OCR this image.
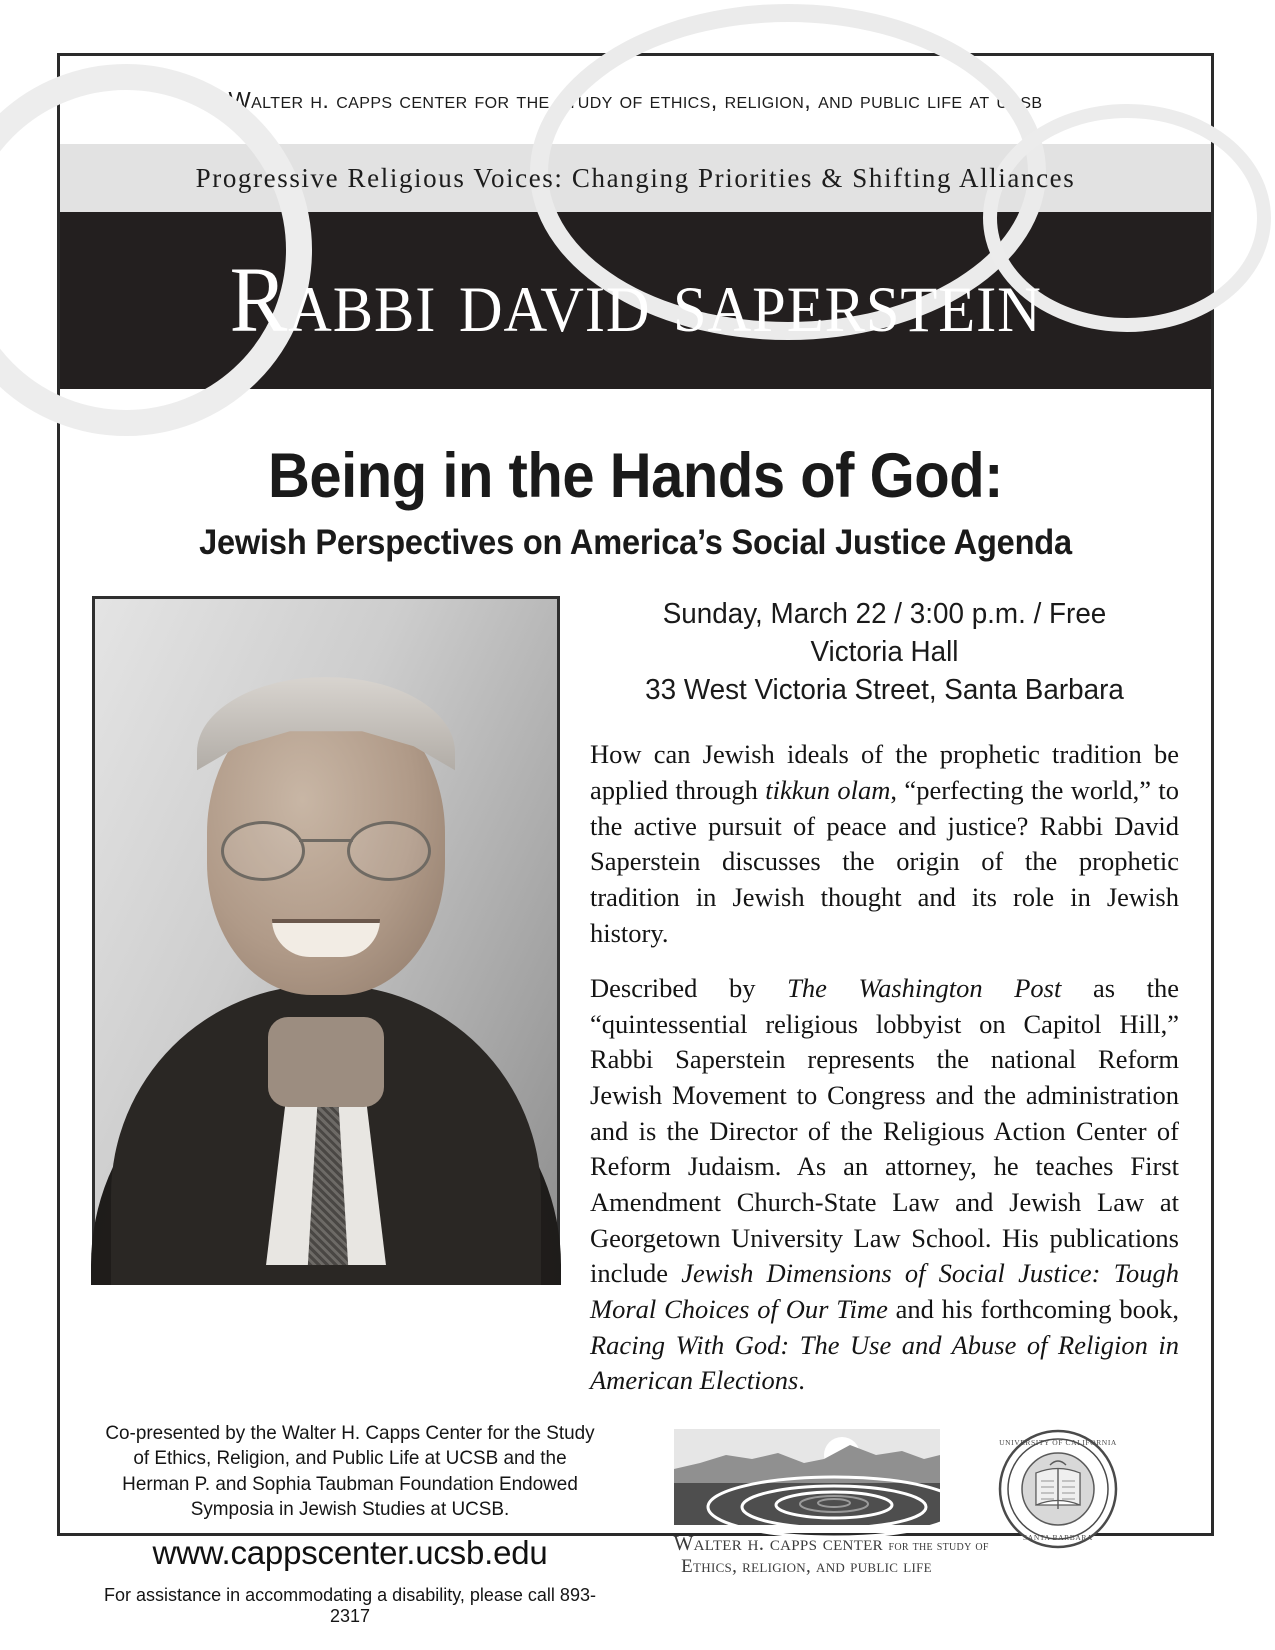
Walter h. capps center for the study of ethics, religion, and public life at ucsb
Progressive Religious Voices: Changing Priorities & Shifting Alliances
Rabbi david saperstein
Being in the Hands of God:
Jewish Perspectives on America’s Social Justice Agenda
Sunday, March 22 / 3:00 p.m. / Free
Victoria Hall
33 West Victoria Street, Santa Barbara

How can Jewish ideals of the prophetic tradition be applied through tikkun olam, “perfecting the world,” to the active pursuit of peace and justice? Rabbi David Saperstein discusses the origin of the prophetic tradition in Jewish thought and its role in Jewish history.

Described by The Washington Post as the “quintessential religious lobbyist on Capitol Hill,” Rabbi Saperstein represents the national Reform Jewish Movement to Congress and the administration and is the Director of the Religious Action Center of Reform Judaism. As an attorney, he teaches First Amendment Church-State Law and Jewish Law at Georgetown University Law School. His publications include Jewish Dimensions of Social Justice: Tough Moral Choices of Our Time and his forthcoming book, Racing With God: The Use and Abuse of Religion in American Elections.

Co-presented by the Walter H. Capps Center for the Study of Ethics, Religion, and Public Life at UCSB and the Herman P. and Sophia Taubman Foundation Endowed Symposia in Jewish Studies at UCSB.
www.cappscenter.ucsb.edu
For assistance in accommodating a disability, please call 893-2317
Walter h. capps center for the study of
Ethics, religion, and public life
UNIVERSITY OF CALIFORNIA
SANTA BARBARA
